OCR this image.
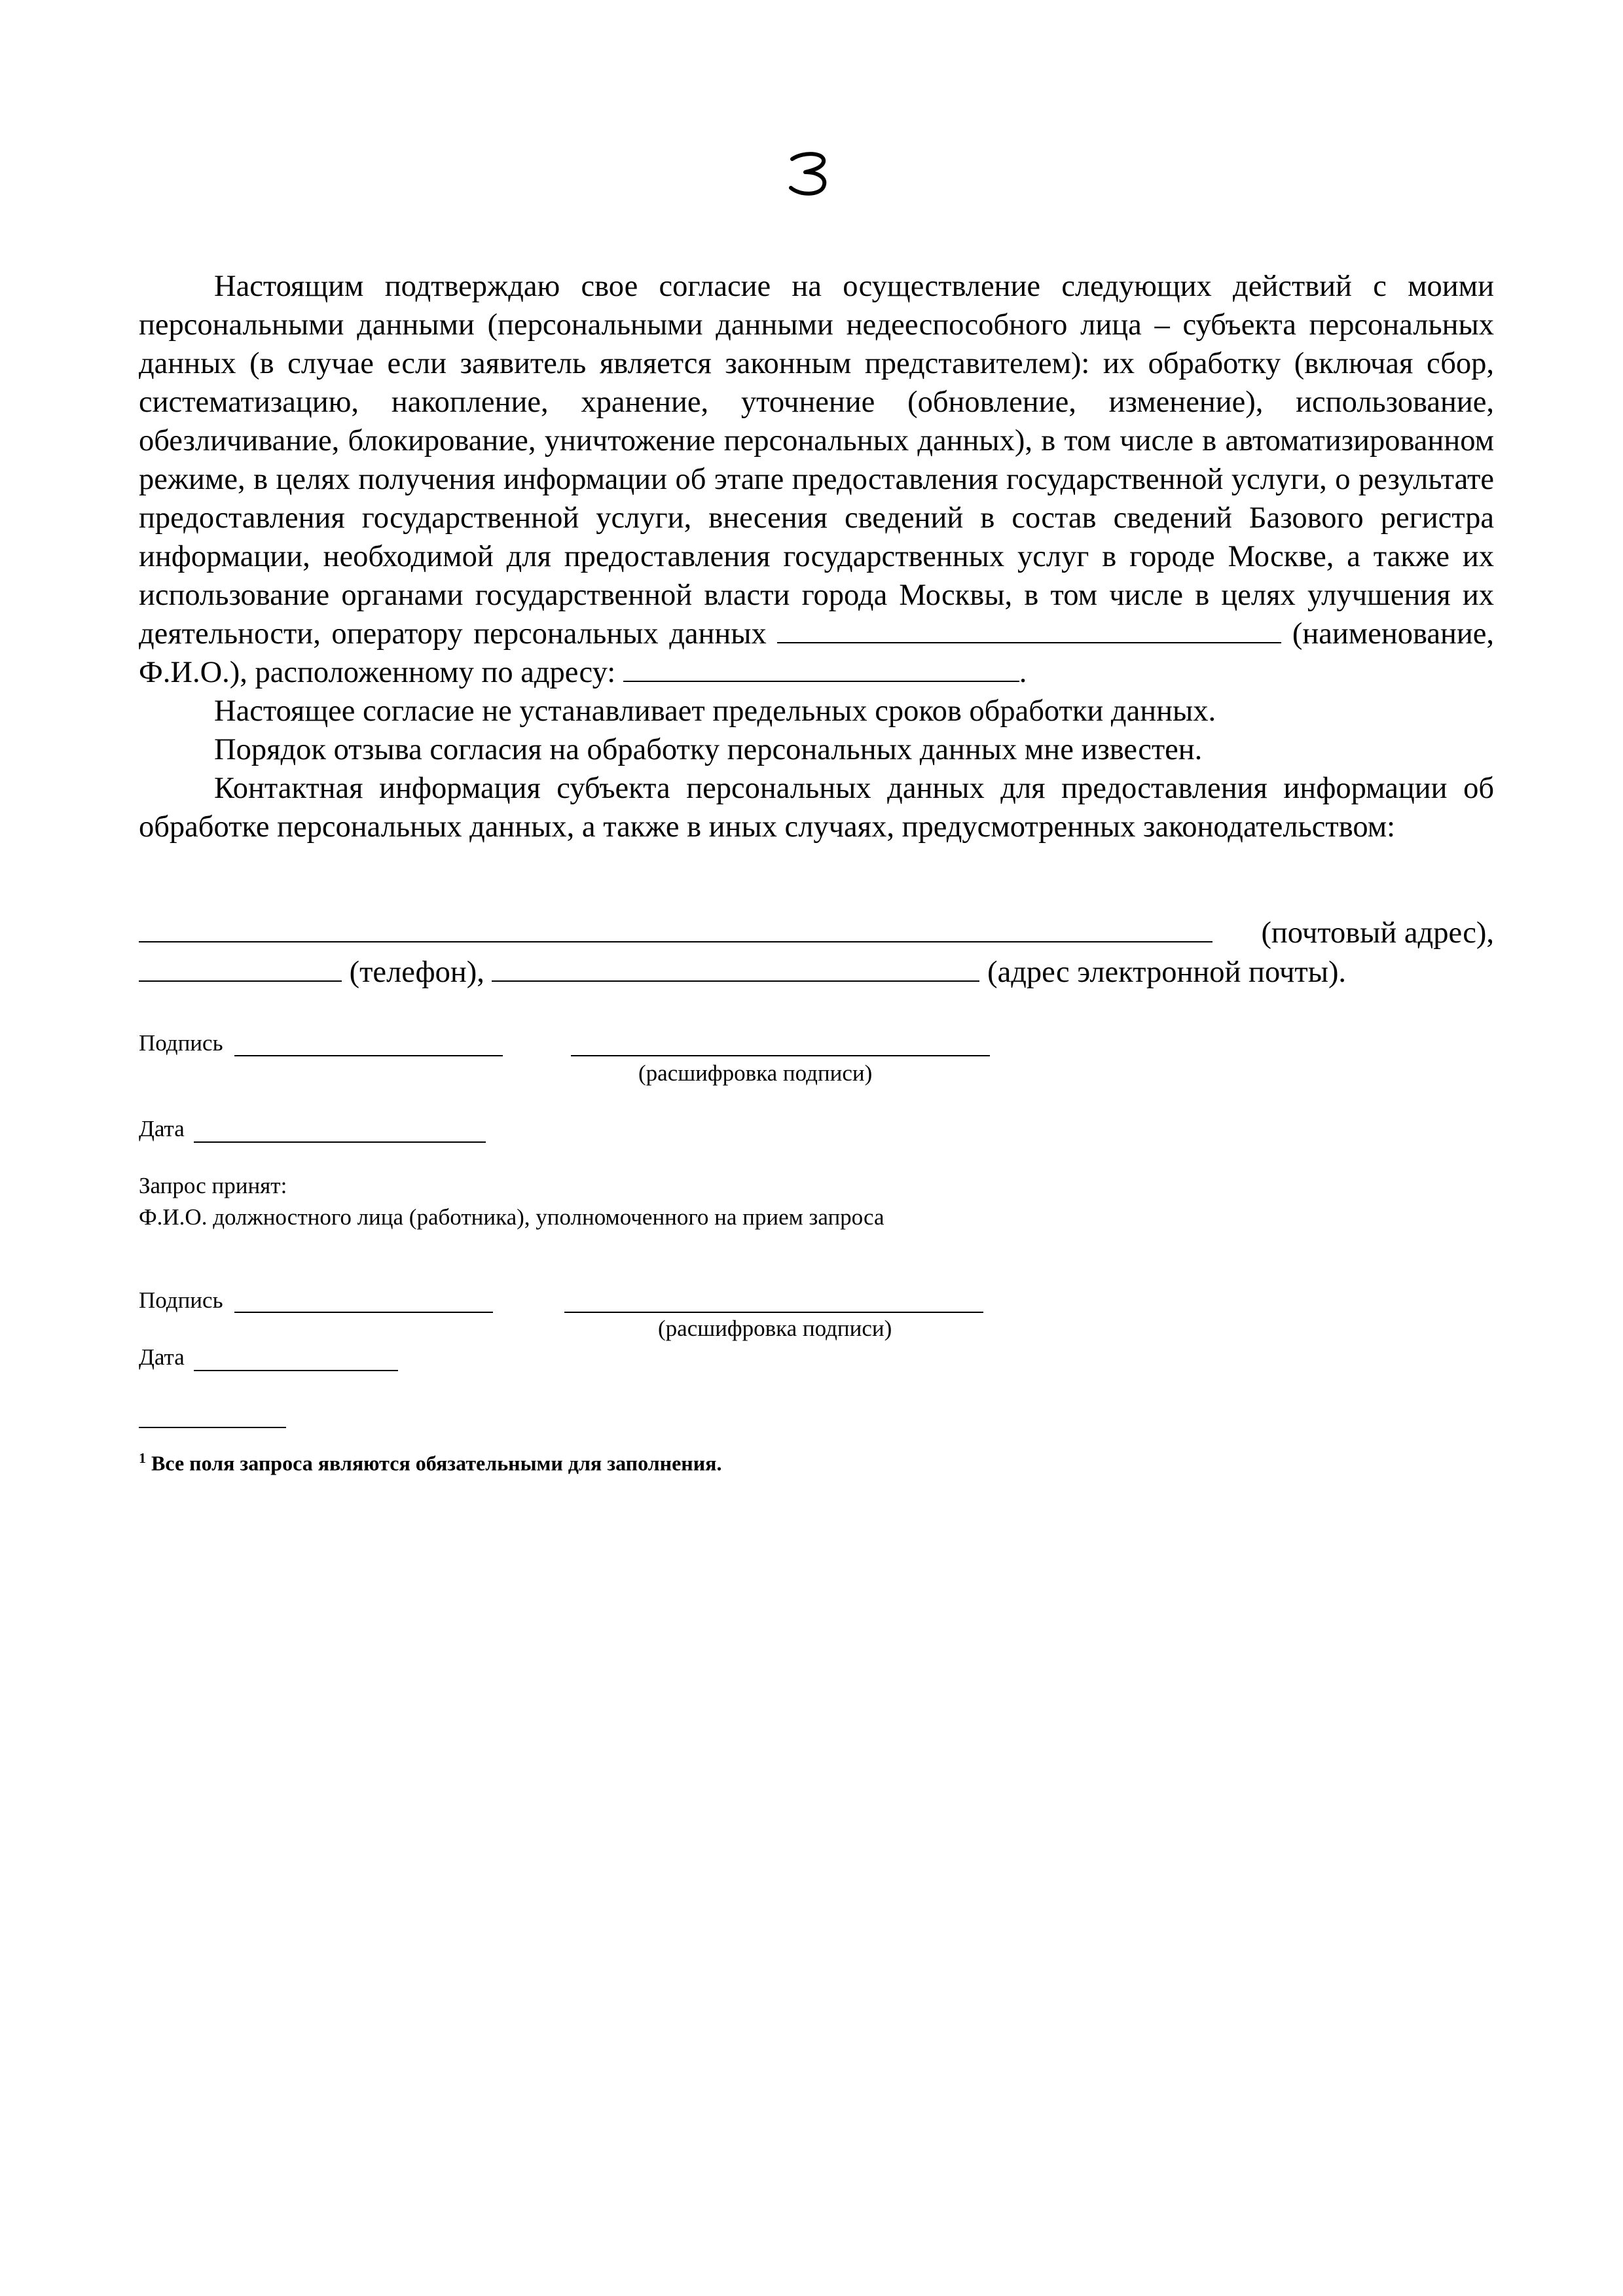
Настоящим подтверждаю свое согласие на осуществление следующих действий с моими персональными данными (персональными данными недееспособного лица – субъекта персональных данных (в случае если заявитель является законным представителем): их обработку (включая сбор, систематизацию, накопление, хранение, уточнение (обновление, изменение), использование, обезличивание, блокирование, уничтожение персональных данных), в том числе в автоматизированном режиме, в целях получения информации об этапе предоставления государственной услуги, о результате предоставления государственной услуги, внесения сведений в состав сведений Базового регистра информации, необходимой для предоставления государственных услуг в городе Москве, а также их использование органами государственной власти города Москвы, в том числе в целях улучшения их деятельности, оператору персональных данных	(наименование, Ф.И.О.), расположенному по адресу:	.

Настоящее согласие не устанавливает предельных сроков обработки данных.

Порядок отзыва согласия на обработку персональных данных мне известен.

Контактная информация субъекта персональных данных для предоставления информации об обработке персональных данных, а также в иных случаях, предусмотренных законодательством:

(почтовый адрес),
(телефон),	(адрес электронной почты).
Подпись
(расшифровка подписи)
Дата
Запрос принят:
Ф.И.О. должностного лица (работника), уполномоченного на прием запроса
Подпись
(расшифровка подписи)
Дата
$^1$ Все поля запроса являются обязательными для заполнения.
